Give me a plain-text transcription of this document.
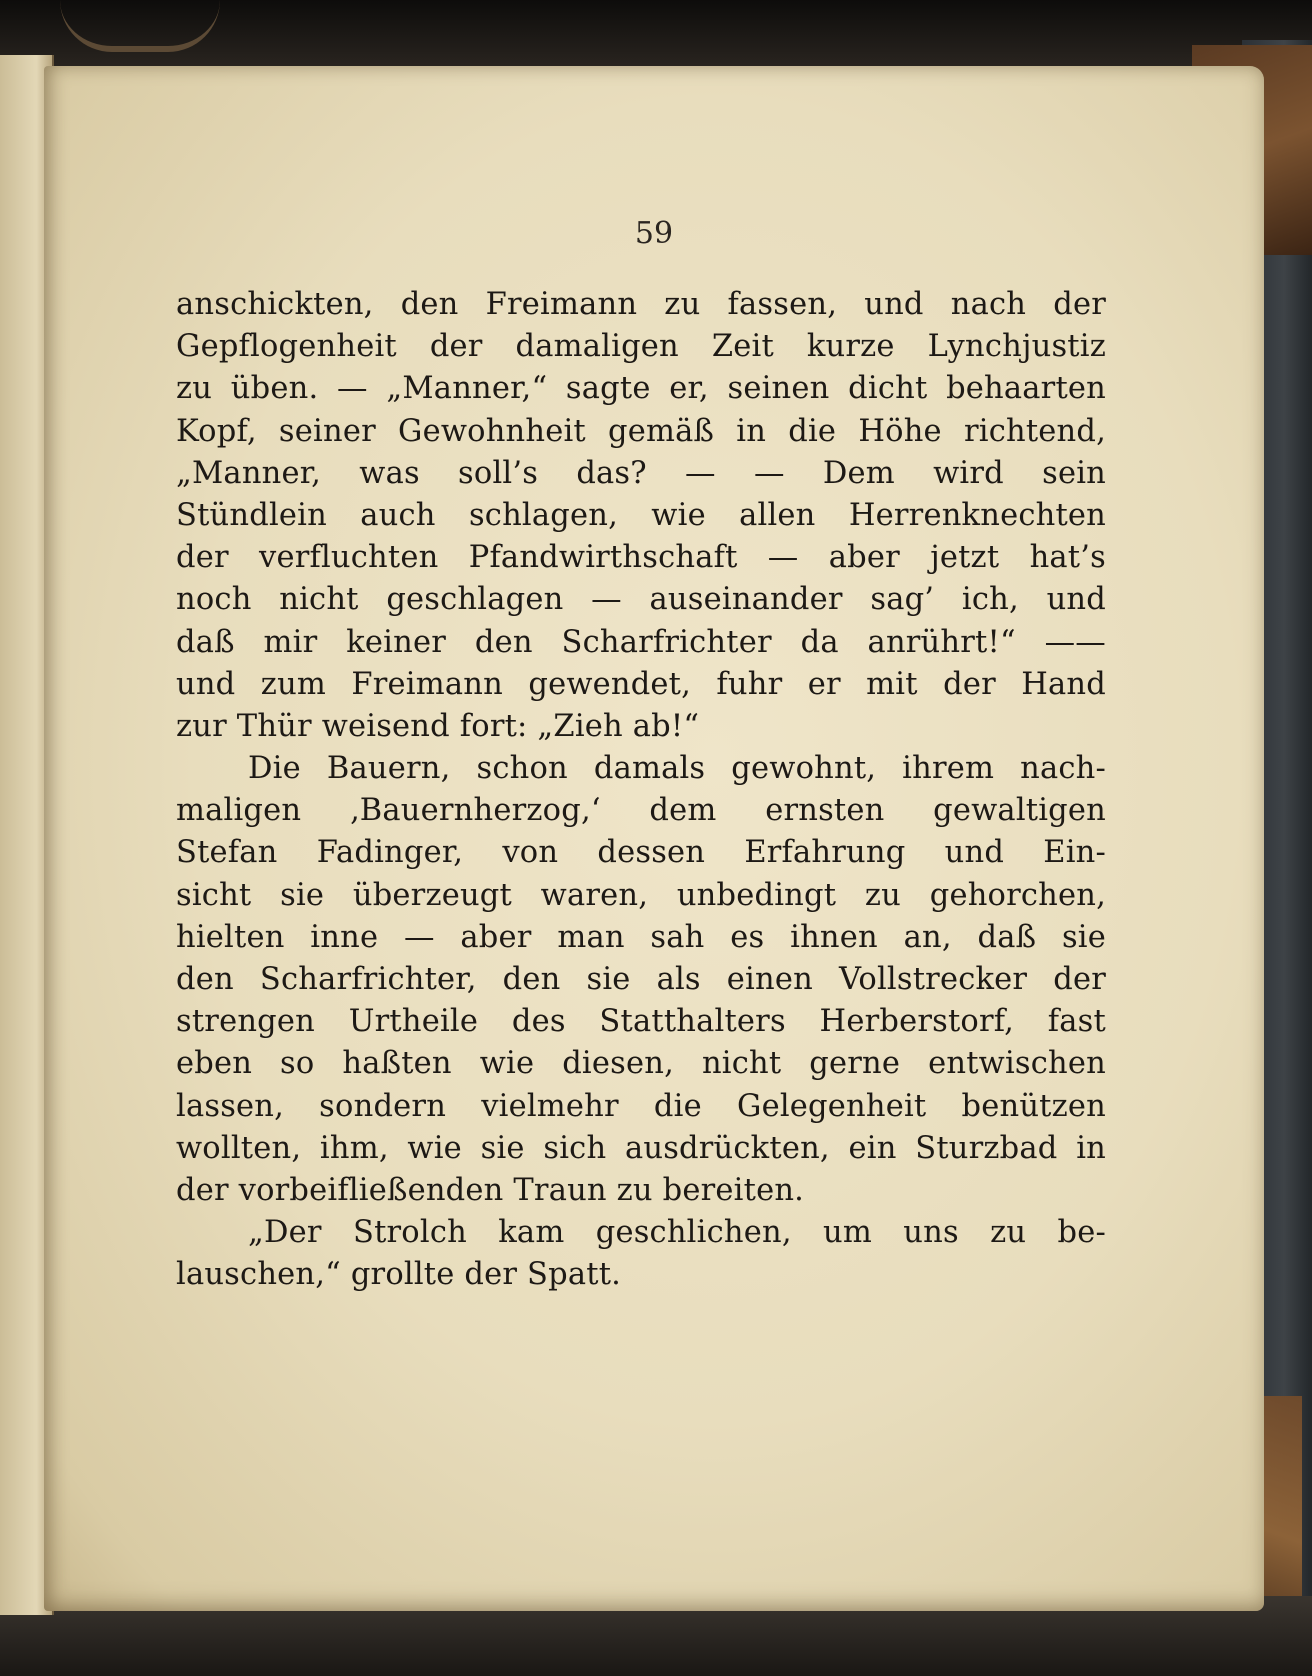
59
anschickten, den Freimann zu fassen, und nach der
Gepflogenheit der damaligen Zeit kurze Lynchjustiz
zu üben. — „Manner,“ sagte er, seinen dicht behaarten
Kopf, seiner Gewohnheit gemäß in die Höhe richtend,
„Manner, was soll’s das? — — Dem wird sein
Stündlein auch schlagen, wie allen Herrenknechten
der verfluchten Pfandwirthschaft — aber jetzt hat’s
noch nicht geschlagen — auseinander sag’ ich, und
daß mir keiner den Scharfrichter da anrührt!“ ——
und zum Freimann gewendet, fuhr er mit der Hand
zur Thür weisend fort: „Zieh ab!“
Die Bauern, schon damals gewohnt, ihrem nach-
maligen ‚Bauernherzog,‘ dem ernsten gewaltigen
Stefan Fadinger, von dessen Erfahrung und Ein-
sicht sie überzeugt waren, unbedingt zu gehorchen,
hielten inne — aber man sah es ihnen an, daß sie
den Scharfrichter, den sie als einen Vollstrecker der
strengen Urtheile des Statthalters Herberstorf, fast
eben so haßten wie diesen, nicht gerne entwischen
lassen, sondern vielmehr die Gelegenheit benützen
wollten, ihm, wie sie sich ausdrückten, ein Sturzbad in
der vorbeifließenden Traun zu bereiten.
„Der Strolch kam geschlichen, um uns zu be-
lauschen,“ grollte der Spatt.
